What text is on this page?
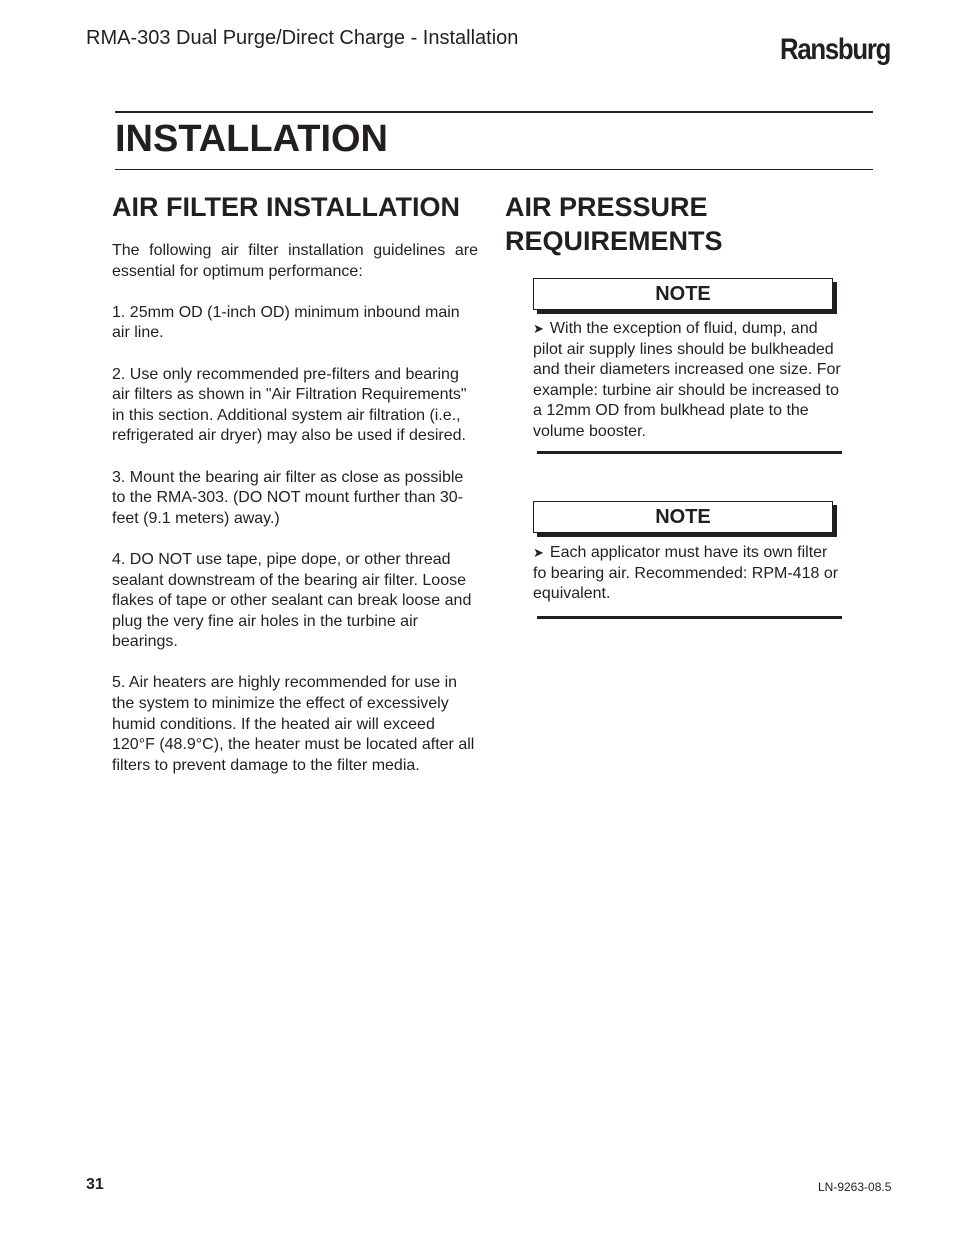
RMA-303 Dual Purge/Direct Charge - Installation	Ransburg
INSTALLATION
AIR FILTER INSTALLATION

The following air filter installation guidelines are essential for optimum performance:

1. 25mm OD (1-inch OD) minimum inbound main air line.

2. Use only recommended pre-filters and bearing air filters as shown in "Air Filtration Requirements" in this section. Additional system air filtration (i.e., refrigerated air dryer) may also be used if desired.

3. Mount the bearing air filter as close as possible to the RMA-303. (DO NOT mount further than 30-feet (9.1 meters) away.)

4. DO NOT use tape, pipe dope, or other thread sealant downstream of the bearing air filter. Loose flakes of tape or other sealant can break loose and plug the very fine air holes in the turbine air bearings.

5. Air heaters are highly recommended for use in the system to minimize the effect of excessively humid conditions. If the heated air will exceed 120°F (48.9°C), the heater must be located after all filters to prevent damage to the filter media.

AIR PRESSURE
REQUIREMENTS
NOTE

➤ With the exception of fluid, dump, and pilot air supply lines should be bulkheaded and their diameters increased one size. For example: turbine air should be increased to a 12mm OD from bulkhead plate to the volume booster.

NOTE

➤ Each applicator must have its own filter fo bearing air. Recommended: RPM-418 or equivalent.

31	LN-9263-08.5
